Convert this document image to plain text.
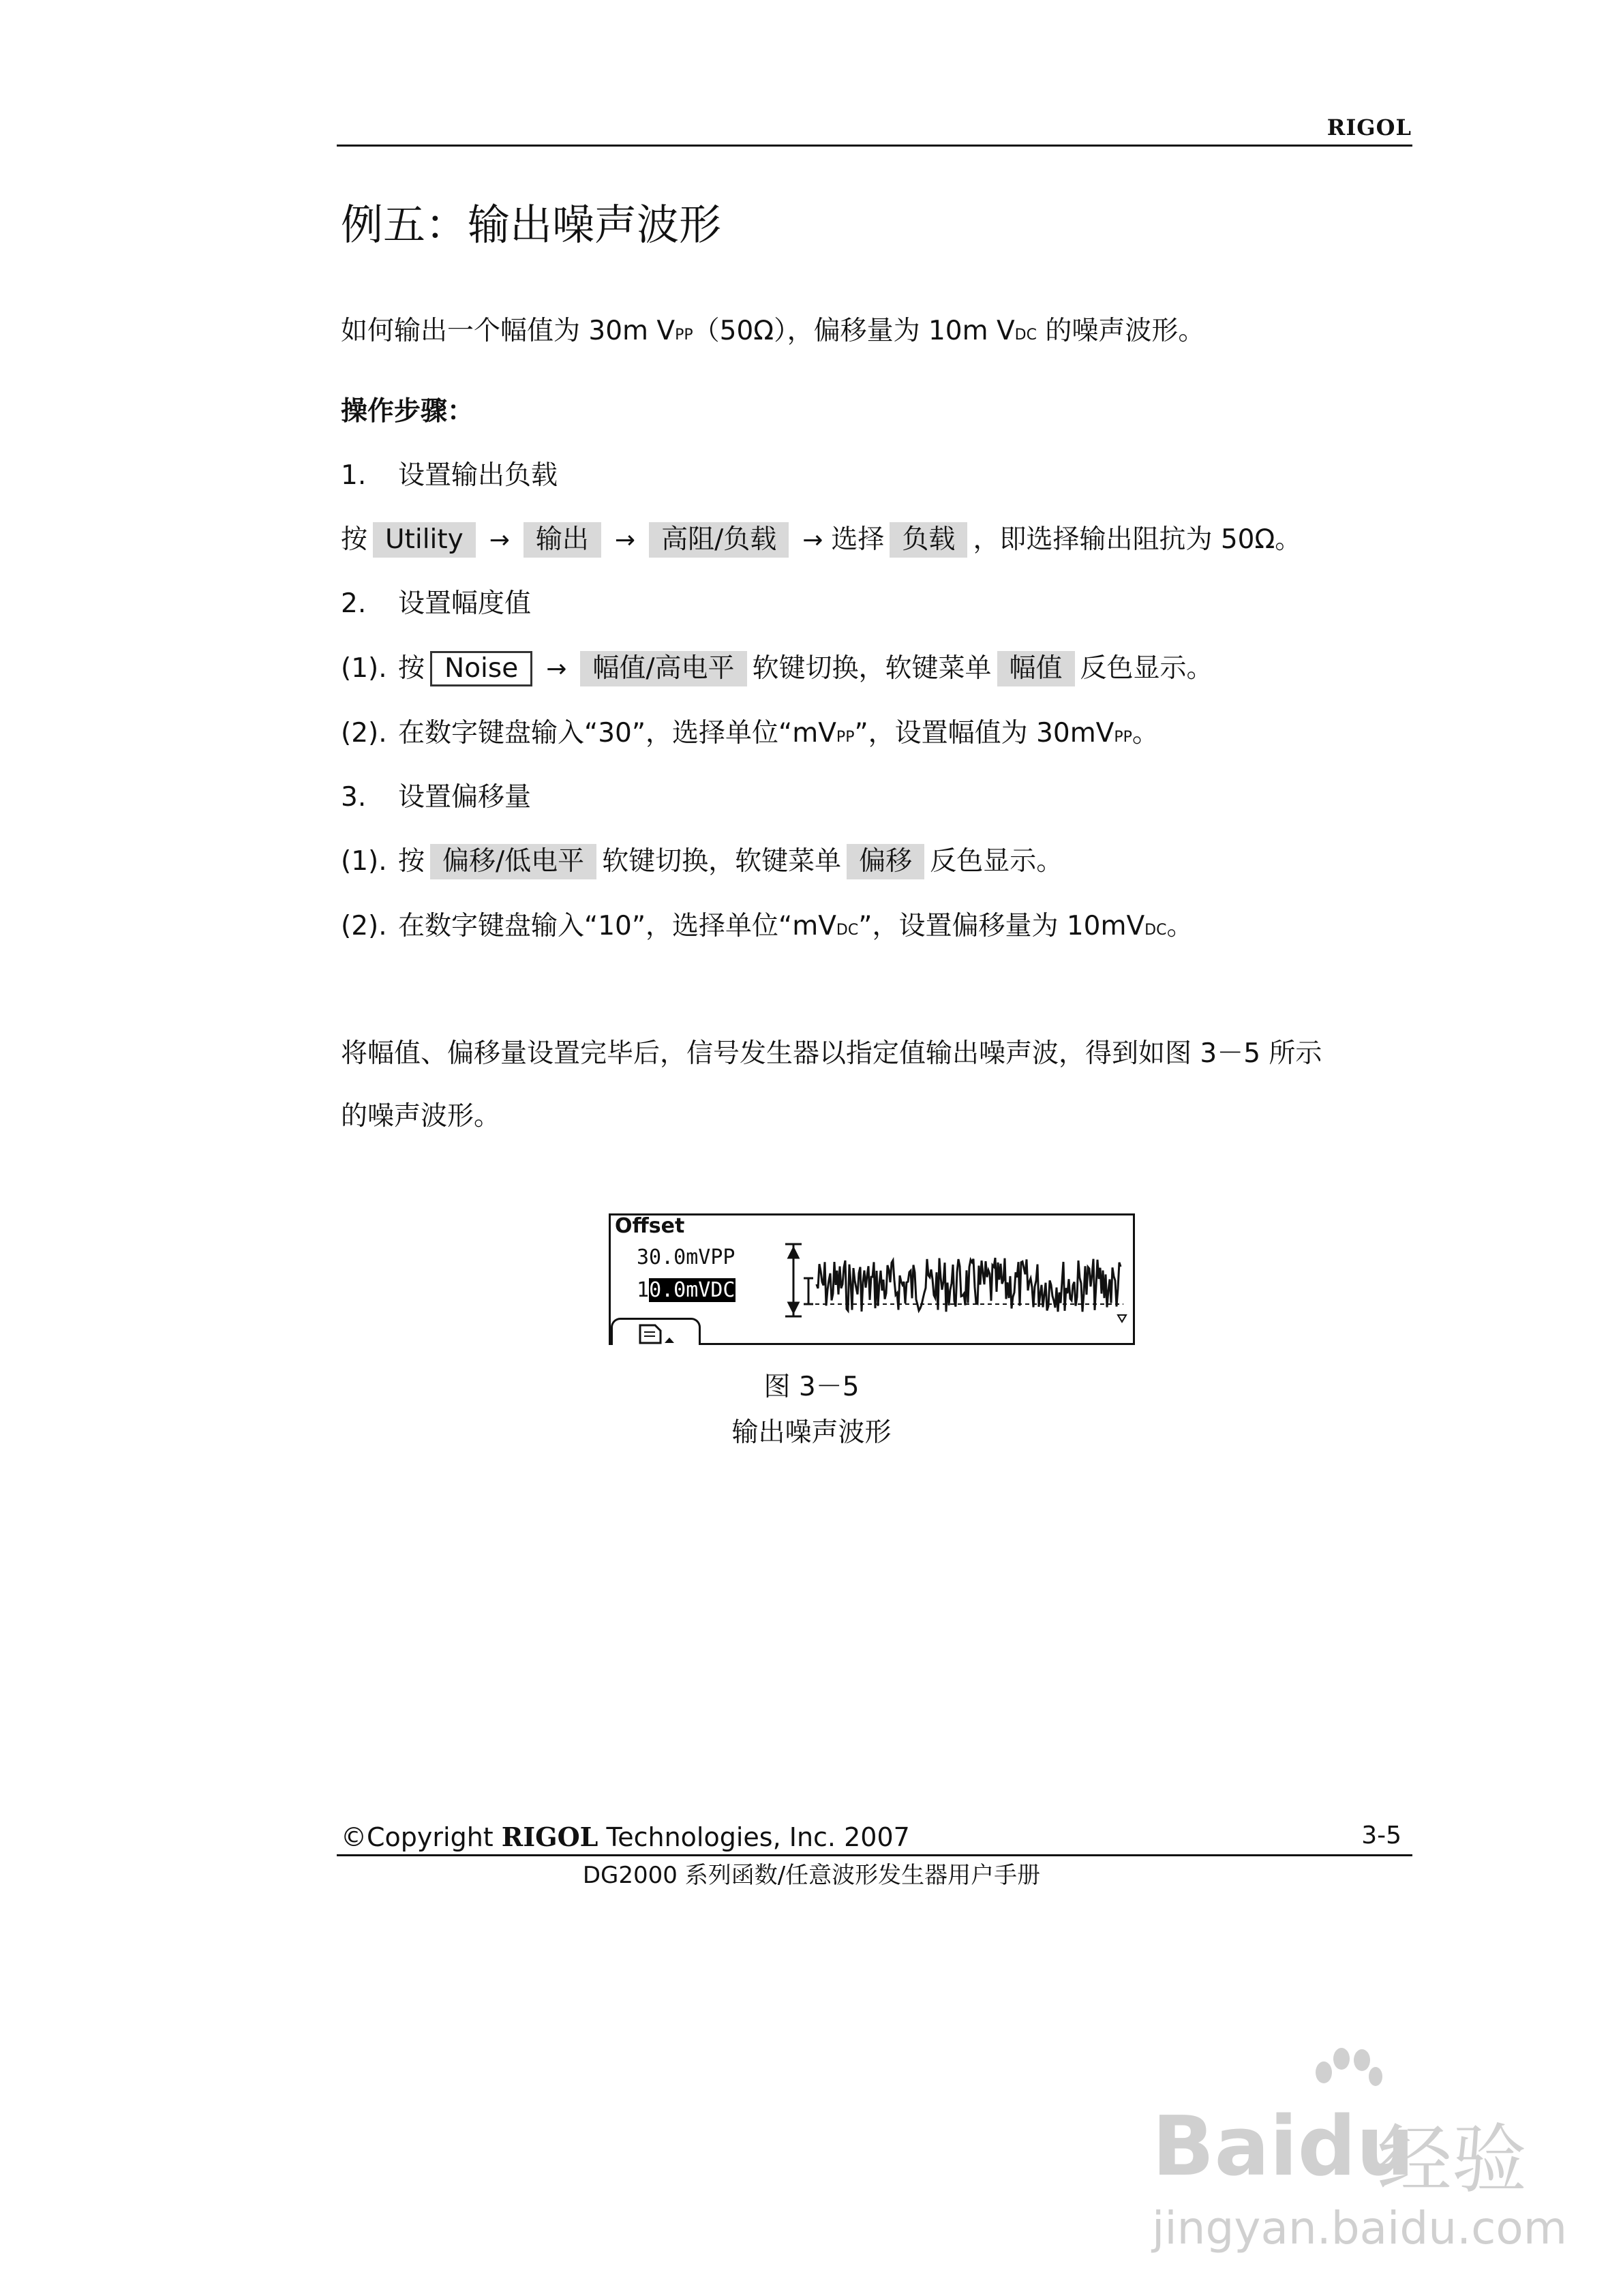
RIGOL
例五：输出噪声波形
如何输出一个幅值为 30m VPP（50Ω），偏移量为 10m VDC 的噪声波形。
操作步骤：
1. 设置输出负载
按 Utility → 输出 → 高阻/负载 → 选择 负载 ，即选择输出阻抗为 50Ω。
2. 设置幅度值
(1). 按 Noise → 幅值/高电平 软键切换，软键菜单 幅值 反色显示。
(2). 在数字键盘输入“30”，选择单位“mVPP”，设置幅值为 30mVPP。
3. 设置偏移量
(1). 按 偏移/低电平 软键切换，软键菜单 偏移 反色显示。
(2). 在数字键盘输入“10”，选择单位“mVDC”，设置偏移量为 10mVDC。
将幅值、偏移量设置完毕后，信号发生器以指定值输出噪声波，得到如图 3－5 所示
的噪声波形。
Offset
30.0mVPP
10.0mVDC
图 3－5
输出噪声波形
©Copyright RIGOL Technologies, Inc. 2007	3-5
DG2000 系列函数/任意波形发生器用户手册
Baidu
经验
jingyan.baidu.com
